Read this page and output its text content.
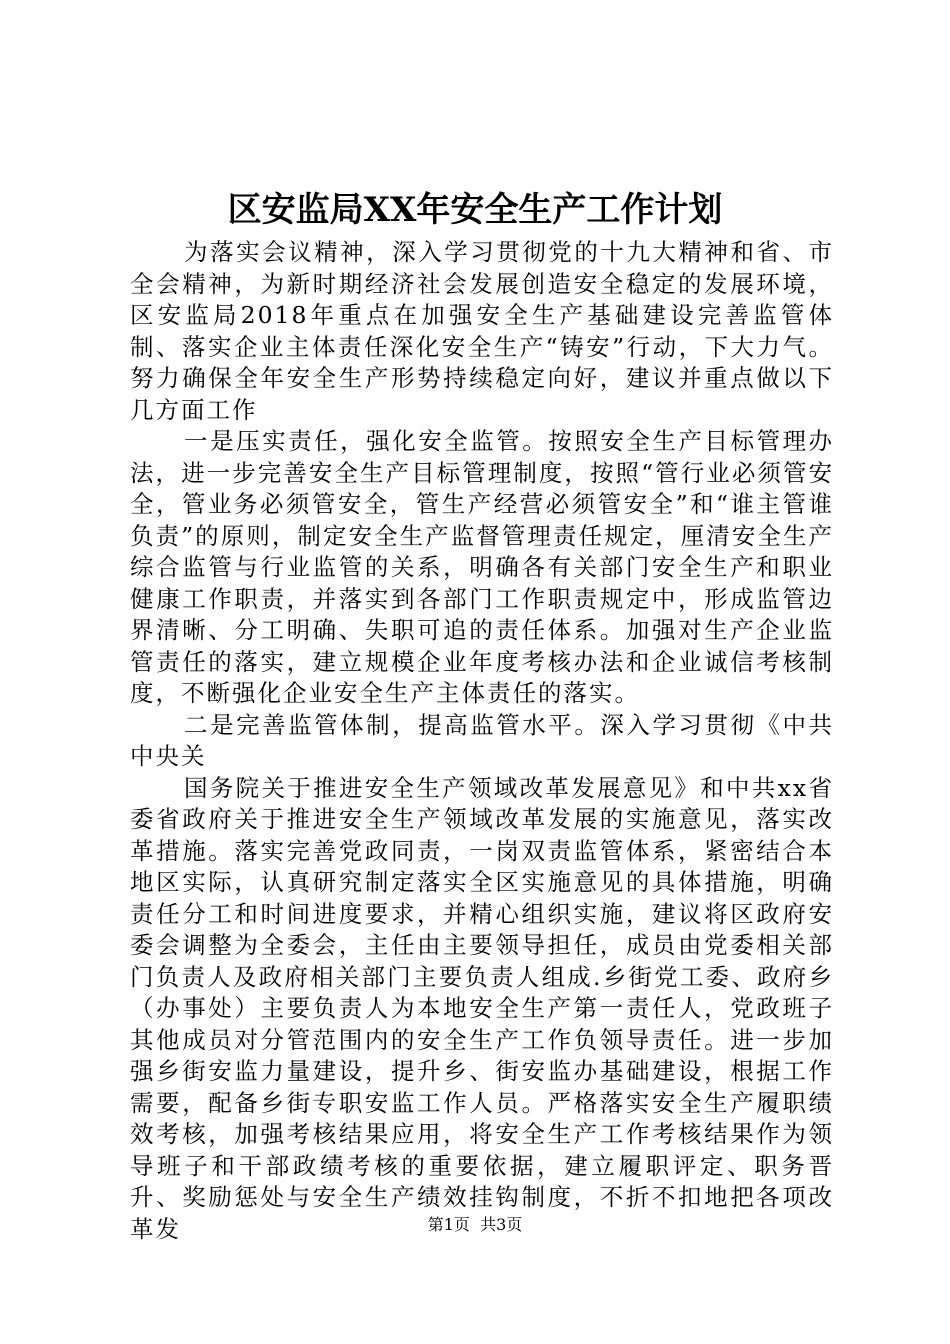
区安监局XX年安全生产工作计划

为落实会议精神，深入学习贯彻党的十九大精神和省、市全会精神，为新时期经济社会发展创造安全稳定的发展环境，区安监局2018年重点在加强安全生产基础建设完善监管体制、落实企业主体责任深化安全生产“铸安”行动，下大力气。努力确保全年安全生产形势持续稳定向好，建议并重点做以下几方面工作

一是压实责任，强化安全监管。按照安全生产目标管理办法，进一步完善安全生产目标管理制度，按照“管行业必须管安全，管业务必须管安全，管生产经营必须管安全”和“谁主管谁负责”的原则，制定安全生产监督管理责任规定，厘清安全生产综合监管与行业监管的关系，明确各有关部门安全生产和职业健康工作职责，并落实到各部门工作职责规定中，形成监管边界清晰、分工明确、失职可追的责任体系。加强对生产企业监管责任的落实，建立规模企业年度考核办法和企业诚信考核制度，不断强化企业安全生产主体责任的落实。

二是完善监管体制，提高监管水平。深入学习贯彻《中共中央关

国务院关于推进安全生产领域改革发展意见》和中共xx省委省政府关于推进安全生产领域改革发展的实施意见，落实改革措施。落实完善党政同责，一岗双责监管体系，紧密结合本地区实际，认真研究制定落实全区实施意见的具体措施，明确责任分工和时间进度要求，并精心组织实施，建议将区政府安委会调整为全委会，主任由主要领导担任，成员由党委相关部门负责人及政府相关部门主要负责人组成.乡街党工委、政府乡（办事处）主要负责人为本地安全生产第一责任人，党政班子其他成员对分管范围内的安全生产工作负领导责任。进一步加强乡街安监力量建设，提升乡、街安监办基础建设，根据工作需要，配备乡街专职安监工作人员。严格落实安全生产履职绩效考核，加强考核结果应用，将安全生产工作考核结果作为领导班子和干部政绩考核的重要依据，建立履职评定、职务晋升、奖励惩处与安全生产绩效挂钩制度，不折不扣地把各项改革发	第1页  共3页
